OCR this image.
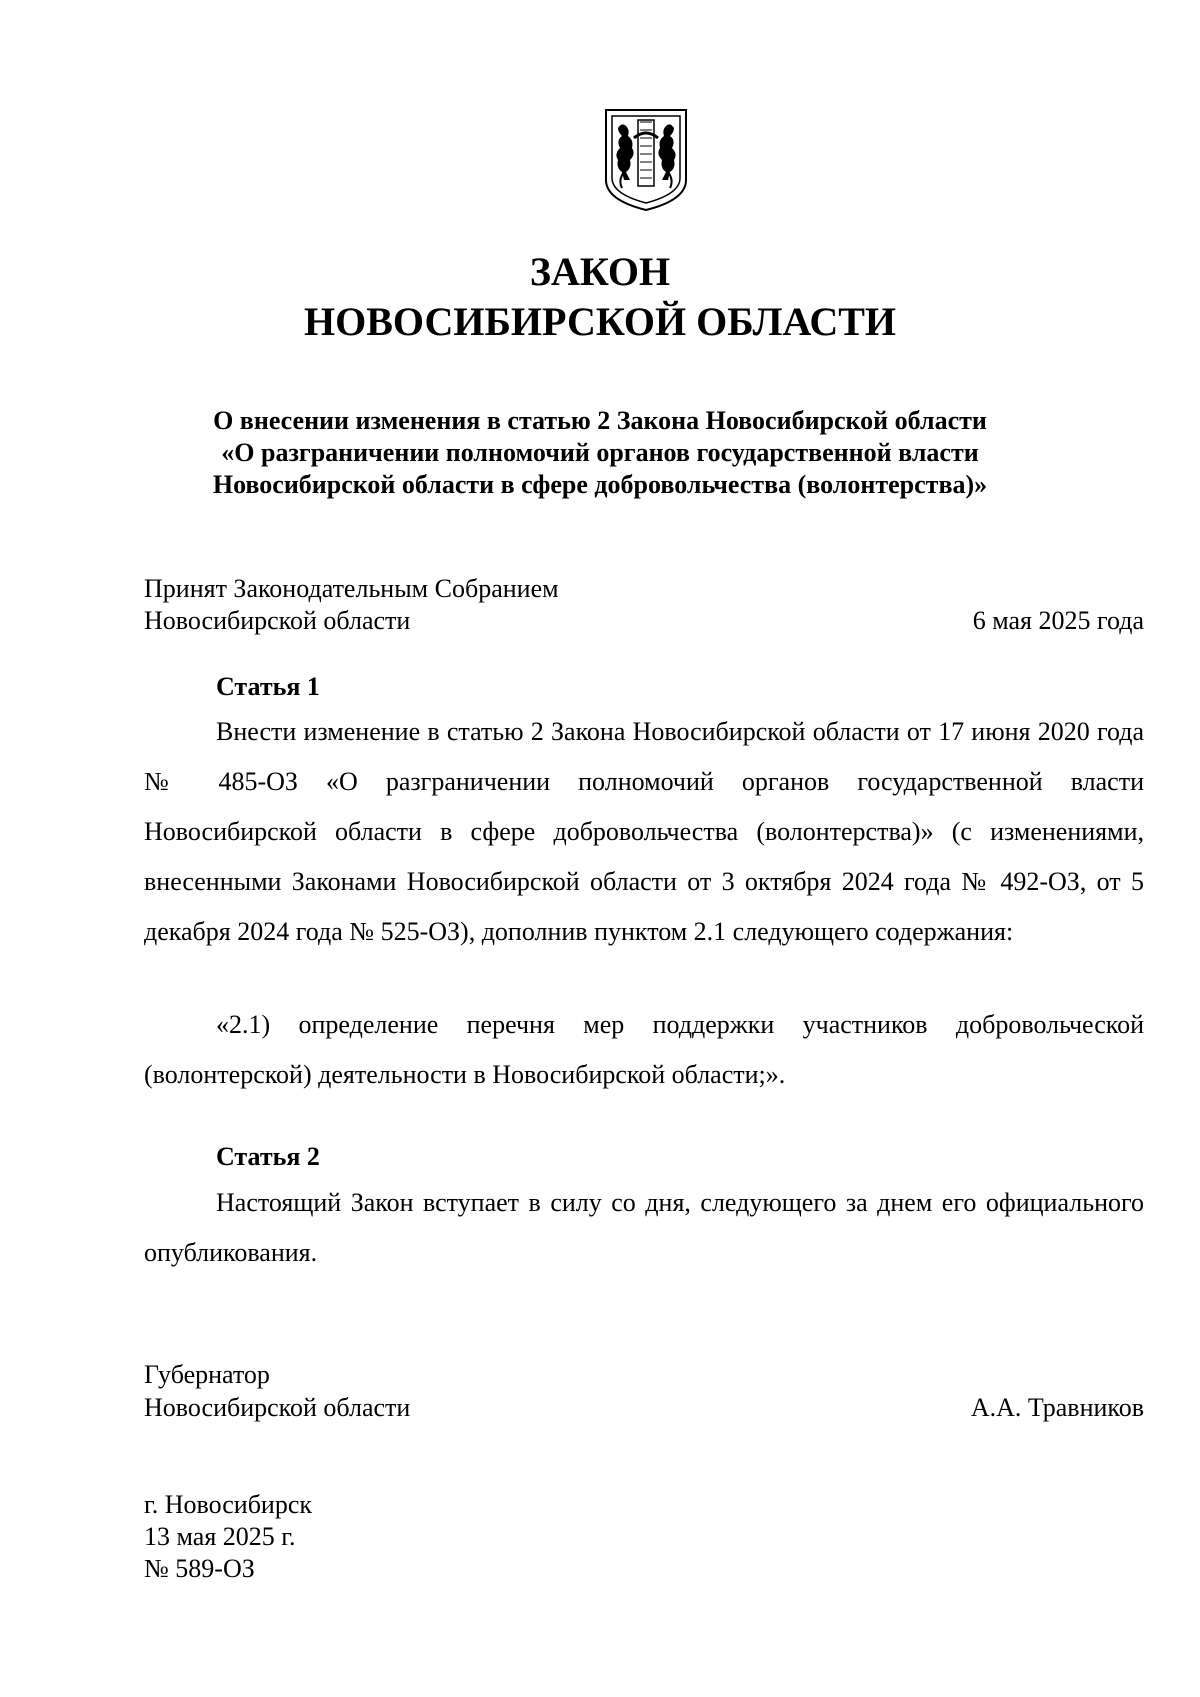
ЗАКОН
НОВОСИБИРСКОЙ ОБЛАСТИ
О внесении изменения в статью 2 Закона Новосибирской области
«О разграничении полномочий органов государственной власти
Новосибирской области в сфере добровольчества (волонтерства)»
Принят Законодательным Собранием
Новосибирской области	6 мая 2025 года
Статья 1

Внести изменение в статью 2 Закона Новосибирской области от 17 июня 2020 года № 485-ОЗ «О разграничении полномочий органов государственной власти Новосибирской области в сфере добровольчества (волонтерства)» (с изменениями, внесенными Законами Новосибирской области от 3 октября 2024 года № 492-ОЗ, от 5 декабря 2024 года № 525-ОЗ), дополнив пунктом 2.1 следующего содержания:

«2.1) определение перечня мер поддержки участников добровольческой (волонтерской) деятельности в Новосибирской области;».

Статья 2

Настоящий Закон вступает в силу со дня, следующего за днем его официального опубликования.

Губернатор
Новосибирской области	А.А. Травников
г. Новосибирск
13 мая 2025 г.
№ 589-ОЗ
